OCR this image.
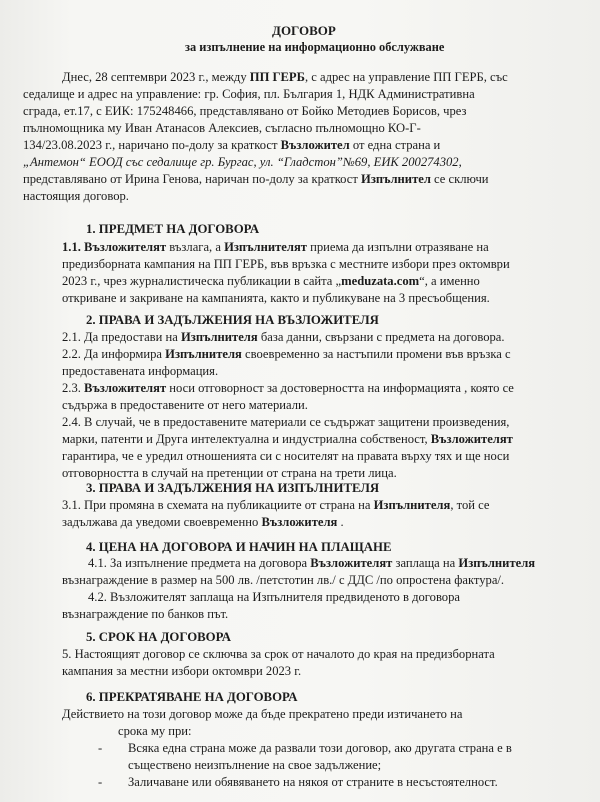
ДОГОВОР
за изпълнение на информационно обслужване
Днес, 28 септември 2023 г., между ПП ГЕРБ, с адрес на управление ПП ГЕРБ, със
седалище и адрес на управление: гр. София, пл. България 1, НДК Административна
сграда, ет.17, с ЕИК: 175248466, представлявано от Бойко Методиев Борисов, чрез
пълномощника му Иван Атанасов Алексиев, съгласно пълномощно КО-Г-
134/23.08.2023 г., наричано по-долу за краткост Възложител от една страна и
„Антемон“ ЕООД със седалище гр. Бургас, ул. “Гладстон”№69, ЕИК 200274302,
представлявано от Ирина Генова, наричан по-долу за краткост Изпълнител се сключи
настоящия договор.
1. ПРЕДМЕТ НА ДОГОВОРА
1.1. Възложителят възлага, а Изпълнителят приема да изпълни отразяване на
предизборната кампания на ПП ГЕРБ, във връзка с местните избори през октомври
2023 г., чрез журналистическа публикации в сайта „meduzata.com“, а именно
откриване и закриване на кампанията, както и публикуване на 3 пресъобщения.
2. ПРАВА И ЗАДЪЛЖЕНИЯ НА ВЪЗЛОЖИТЕЛЯ
2.1. Да предостави на Изпълнителя база данни, свързани с предмета на договора.
2.2. Да информира Изпълнителя своевременно за настъпили промени във връзка с
предоставената информация.
2.3. Възложителят носи отговорност за достоверността на информацията , която се
съдържа в предоставените от него материали.
2.4. В случай, че в предоставените материали се съдържат защитени произведения,
марки, патенти и Друга интелектуална и индустриална собственост, Възложителят
гарантира, че е уредил отношенията си с носителят на правата върху тях и ще носи
отговорността в случай на претенции от страна на трети лица.
3. ПРАВА И ЗАДЪЛЖЕНИЯ НА ИЗПЪЛНИТЕЛЯ
3.1. При промяна в схемата на публикациите от страна на Изпълнителя, той се
задължава да уведоми своевременно Възложителя .
4. ЦЕНА НА ДОГОВОРА И НАЧИН НА ПЛАЩАНЕ
4.1. За изпълнение предмета на договора Възложителят заплаща на Изпълнителя
възнаграждение в размер на 500 лв. /петстотин лв./ с ДДС /по опростена фактура/.
4.2. Възложителят заплаща на Изпълнителя предвиденото в договора
възнаграждение по банков път.
5. СРОК НА ДОГОВОРА
5. Настоящият договор се сключва за срок от началото до края на предизборната
кампания за местни избори октомври 2023 г.
6. ПРЕКРАТЯВАНЕ НА ДОГОВОРА
Действието на този договор може да бъде прекратено преди изтичането на
срока му при:
- Всяка една страна може да развали този договор, ако другата страна е в
съществено неизпълнение на свое задължение;
- Заличаване или обявяването на някоя от страните в несъстоятелност.
